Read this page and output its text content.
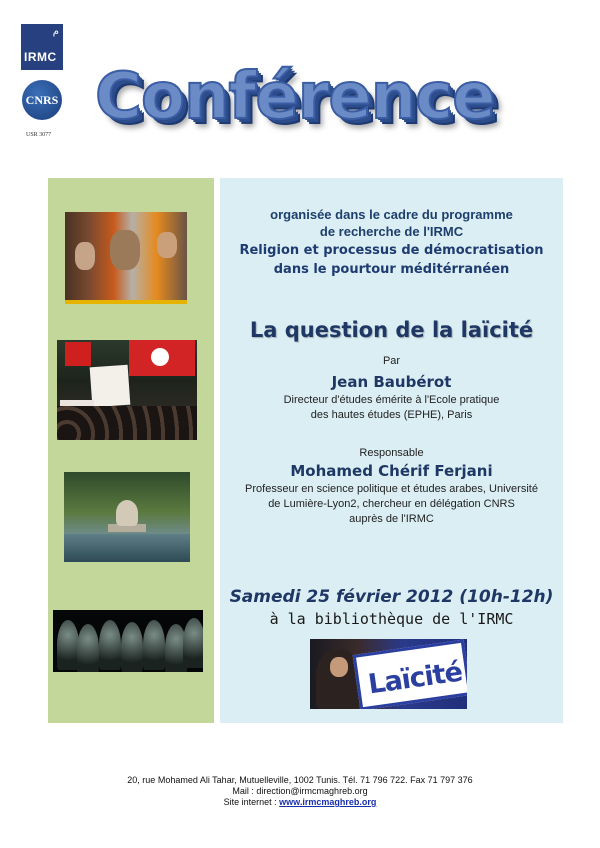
م
IRMC
CNRS
USR 3077
Conférence
Laïcité
organisée dans le cadre du programme
de recherche de l'IRMC
Religion et processus de démocratisation
dans le pourtour méditérranéen
La question de la laïcité
Par
Jean Baubérot
Directeur d'études émérite à l'Ecole pratique
des hautes études (EPHE), Paris
Responsable
Mohamed Chérif Ferjani
Professeur en science politique et études arabes, Université
de Lumière-Lyon2, chercheur en délégation CNRS
auprès de l'IRMC
Samedi 25 février 2012 (10h-12h)
à la bibliothèque de l'IRMC
20, rue Mohamed Ali Tahar, Mutuelleville, 1002 Tunis. Tél. 71 796 722. Fax 71 797 376
Mail : direction@irmcmaghreb.org
Site internet : www.irmcmaghreb.org
